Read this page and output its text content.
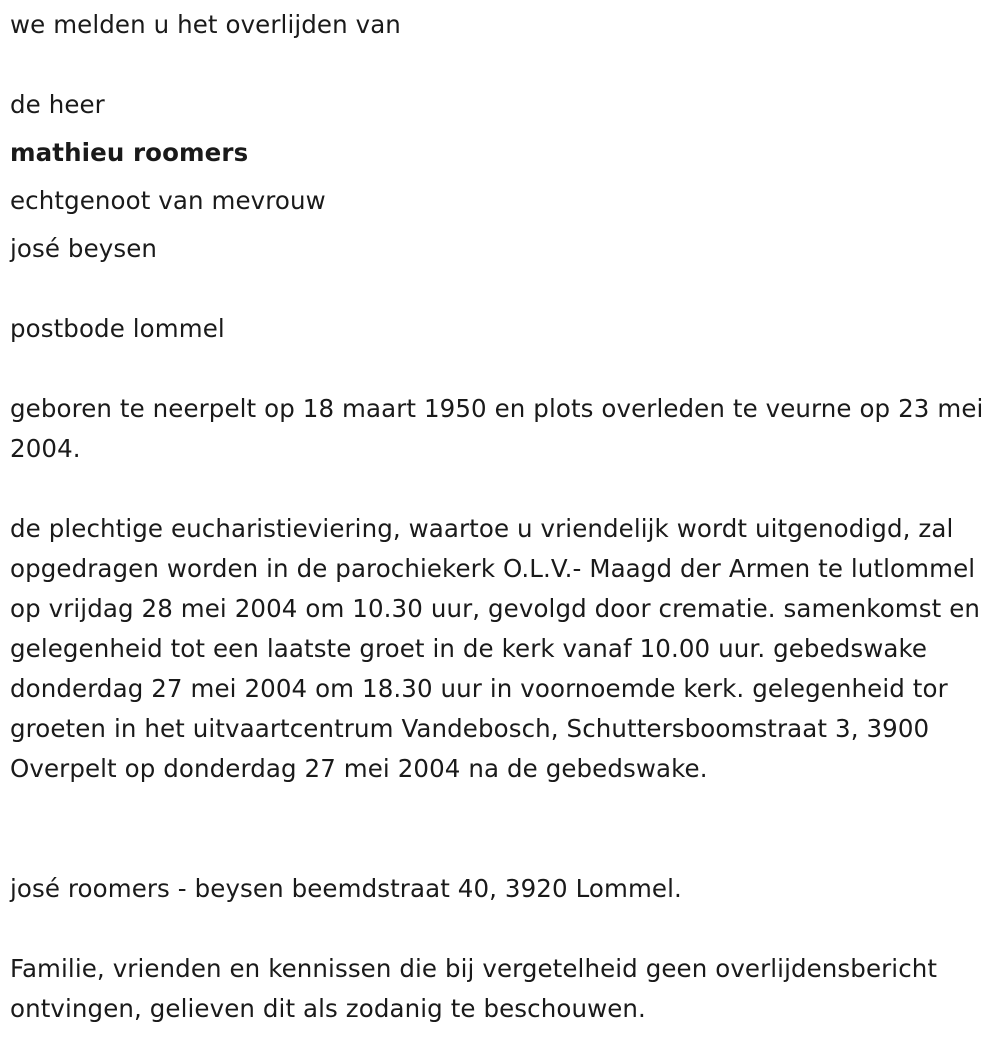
we melden u het overlijden van

de heer

mathieu roomers

echtgenoot van mevrouw

josé beysen

postbode lommel

geboren te neerpelt op 18 maart 1950 en plots overleden te veurne op 23 mei 2004.

de plechtige eucharistieviering, waartoe u vriendelijk wordt uitgenodigd, zal opgedragen worden in de parochiekerk O.L.V.- Maagd der Armen te lutlommel op vrijdag 28 mei 2004 om 10.30 uur, gevolgd door crematie. samenkomst en gelegenheid tot een laatste groet in de kerk vanaf 10.00 uur. gebedswake donderdag 27 mei 2004 om 18.30 uur in voornoemde kerk. gelegenheid tor groeten in het uitvaartcentrum Vandebosch, Schuttersboomstraat 3, 3900 Overpelt op donderdag 27 mei 2004 na de gebedswake.

josé roomers - beysen beemdstraat 40, 3920 Lommel.

Familie, vrienden en kennissen die bij vergetelheid geen overlijdensbericht ontvingen, gelieven dit als zodanig te beschouwen.
